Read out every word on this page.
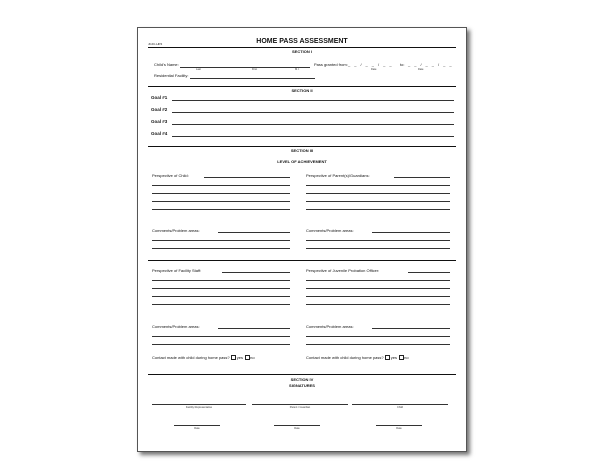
JCJC-HP4	HOME PASS ASSESSMENT
SECTION I
Child's Name:
Last	First	M.I.
Pass granted from: __/__/__ to: __/__/__
Date	Date
Residential Facility:
SECTION II
Goal #1
Goal #2
Goal #3
Goal #4
SECTION III
LEVEL OF ACHIEVEMENT
Perspective of Child:
Comments/Problem areas:
Perspective of Parent(s)/Guardians:
Comments/Problem areas:
Perspective of Facility Staff:
Comments/Problem areas:
Contact made with child during home pass? yes no
Perspective of Juvenile Probation Officer:
Comments/Problem areas:
Contact made with child during home pass? yes no
SECTION IV
SIGNATURES
Facility Representative	Parent / Guardian	Child
Date	Date	Date
